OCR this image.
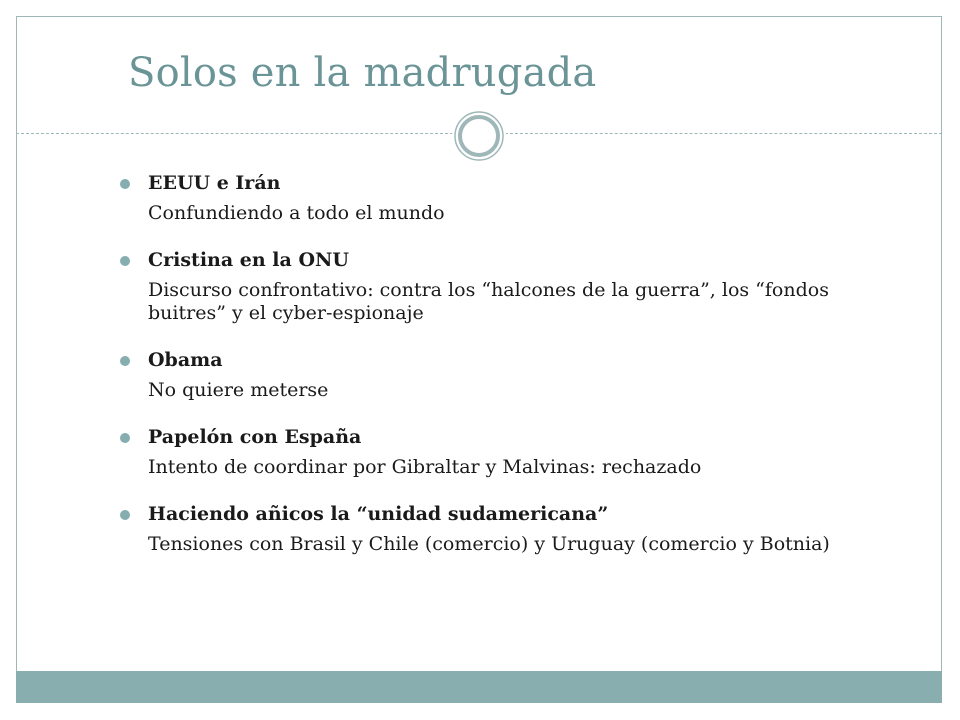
Solos en la madrugada
EEUU e Irán
Confundiendo a todo el mundo
Cristina en la ONU
Discurso confrontativo: contra los “halcones de la guerra”, los “fondos buitres” y el cyber-espionaje
Obama
No quiere meterse
Papelón con España
Intento de coordinar por Gibraltar y Malvinas: rechazado
Haciendo añicos la “unidad sudamericana”
Tensiones con Brasil y Chile (comercio) y Uruguay (comercio y Botnia)
